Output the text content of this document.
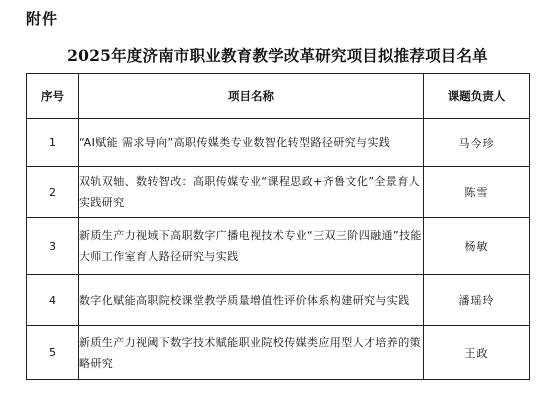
附件
2025年度济南市职业教育教学改革研究项目拟推荐项目名单
序号	项目名称	课题负责人
1	“AI赋能 需求导向”高职传媒类专业数智化转型路径研究与实践	马今珍
2	双轨双轴、数转智改：高职传媒专业“课程思政+齐鲁文化”全景育人实践研究	陈雪
3	新质生产力视域下高职数字广播电视技术专业“三双三阶四融通”技能大师工作室育人路径研究与实践	杨敏
4	数字化赋能高职院校课堂教学质量增值性评价体系构建研究与实践	潘瑶玲
5	新质生产力视阈下数字技术赋能职业院校传媒类应用型人才培养的策略研究	王政
